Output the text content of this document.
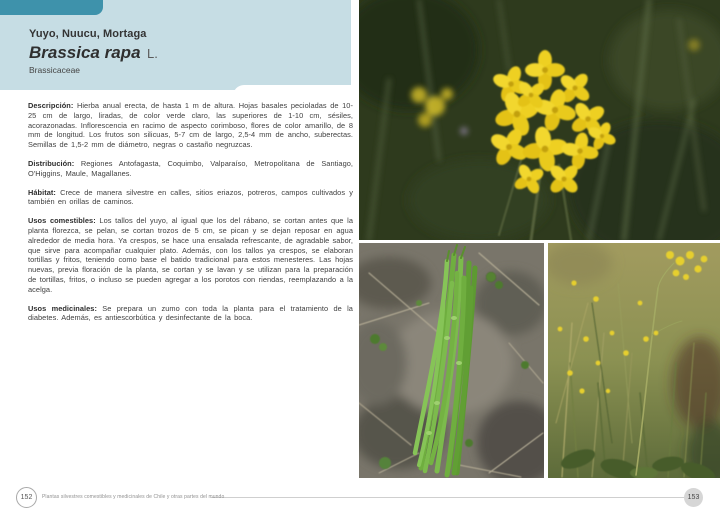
Yuyo, Nuucu, Mortaga
Brassica rapa L.
Brassicaceae

Descripción: Hierba anual erecta, de hasta 1 m de altura. Hojas basales pecioladas de 10-25 cm de largo, liradas, de color verde claro, las superiores de 1-10 cm, sésiles, acorazonadas. Inflorescencia en racimo de aspecto corimboso, flores de color amarillo, de 8 mm de longitud. Los frutos son silicuas, 5-7 cm de largo, 2,5-4 mm de ancho, suberectas. Semillas de 1,5-2 mm de diámetro, negras o castaño negruzcas.

Distribución: Regiones Antofagasta, Coquimbo, Valparaíso, Metropolitana de Santiago, O'Higgins, Maule, Magallanes.

Hábitat: Crece de manera silvestre en calles, sitios eriazos, potreros, campos cultivados y también en orillas de caminos.

Usos comestibles: Los tallos del yuyo, al igual que los del rábano, se cortan antes que la planta florezca, se pelan, se cortan trozos de 5 cm, se pican y se dejan reposar en agua alrededor de media hora. Ya crespos, se hace una ensalada refrescante, de agradable sabor, que sirve para acompañar cualquier plato. Además, con los tallos ya crespos, se elaboran tortillas y fritos, teniendo como base el batido tradicional para estos menesteres. Las hojas nuevas, previa floración de la planta, se cortan y se lavan y se utilizan para la preparación de tortillas, fritos, o incluso se pueden agregar a los porotos con riendas, reemplazando a la acelga.

Usos medicinales: Se prepara un zumo con toda la planta para el tratamiento de la diabetes. Además, es antiescorbútica y desinfectante de la boca.

152	Plantas silvestres comestibles y medicinales de Chile y otras partes del mundo	153
